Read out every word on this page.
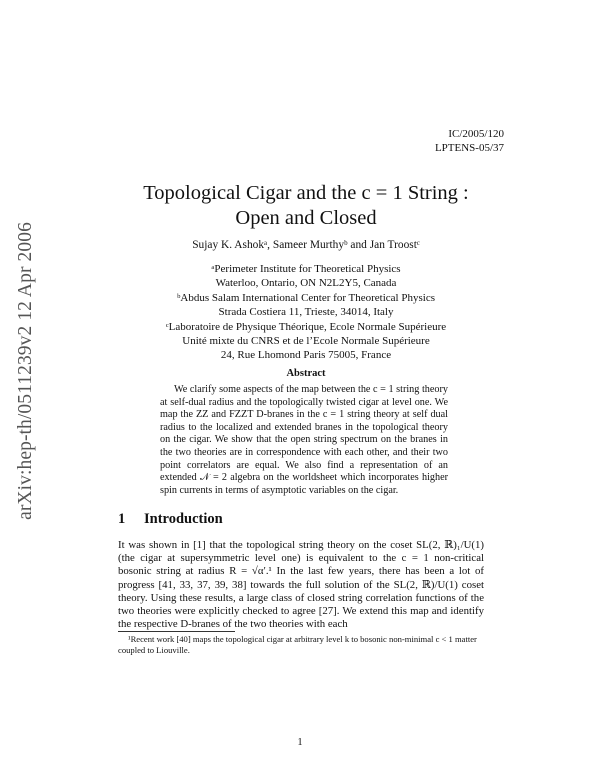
arXiv:hep-th/0511239v2 12 Apr 2006
IC/2005/120
LPTENS-05/37
Topological Cigar and the c = 1 String :
Open and Closed
Sujay K. Ashokᵃ, Sameer Murthyᵇ and Jan Troostᶜ
ᵃPerimeter Institute for Theoretical Physics
Waterloo, Ontario, ON N2L2Y5, Canada
ᵇAbdus Salam International Center for Theoretical Physics
Strada Costiera 11, Trieste, 34014, Italy
ᶜLaboratoire de Physique Théorique, Ecole Normale Supérieure
Unité mixte du CNRS et de l’Ecole Normale Supérieure
24, Rue Lhomond Paris 75005, France
Abstract
We clarify some aspects of the map between the c = 1 string theory at self-dual radius and the topologically twisted cigar at level one. We map the ZZ and FZZT D-branes in the c = 1 string theory at self dual radius to the localized and extended branes in the topological theory on the cigar. We show that the open string spectrum on the branes in the two theories are in correspondence with each other, and their two point correlators are equal. We also find a representation of an extended 𝒩 = 2 algebra on the worldsheet which incorporates higher spin currents in terms of asymptotic variables on the cigar.
1 Introduction
It was shown in [1] that the topological string theory on the coset SL(2, ℝ)₁/U(1) (the cigar at supersymmetric level one) is equivalent to the c = 1 non-critical bosonic string at radius R = √α′.¹ In the last few years, there has been a lot of progress [41, 33, 37, 39, 38] towards the full solution of the SL(2, ℝ)/U(1) coset theory. Using these results, a large class of closed string correlation functions of the two theories were explicitly checked to agree [27]. We extend this map and identify the respective D-branes of the two theories with each
¹Recent work [40] maps the topological cigar at arbitrary level k to bosonic non-minimal c < 1 matter coupled to Liouville.
1
